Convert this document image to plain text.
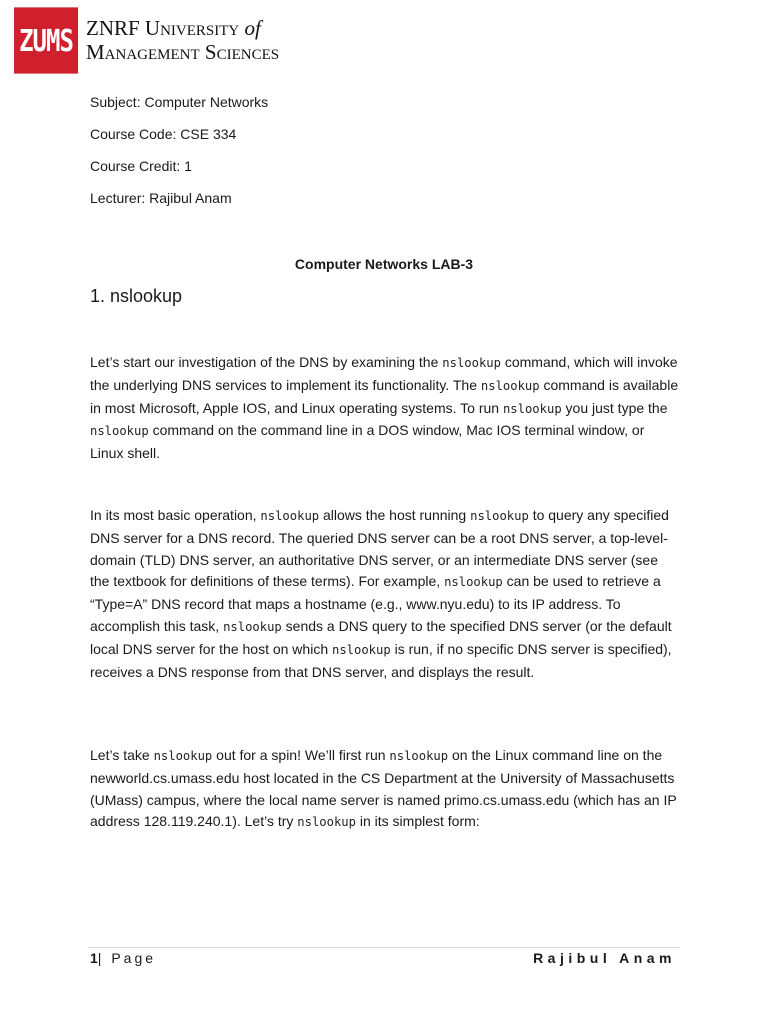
ZUMS ZNRF University of
Management Sciences
Subject: Computer Networks
Course Code: CSE 334
Course Credit: 1
Lecturer: Rajibul Anam
Computer Networks LAB-3
1. nslookup
Let’s start our investigation of the DNS by examining the nslookup command, which will invoke the underlying DNS services to implement its functionality. The nslookup command is available in most Microsoft, Apple IOS, and Linux operating systems. To run nslookup you just type the nslookup command on the command line in a DOS window, Mac IOS terminal window, or Linux shell.
In its most basic operation, nslookup allows the host running nslookup to query any specified DNS server for a DNS record. The queried DNS server can be a root DNS server, a top-level-domain (TLD) DNS server, an authoritative DNS server, or an intermediate DNS server (see the textbook for definitions of these terms). For example, nslookup can be used to retrieve a “Type=A” DNS record that maps a hostname (e.g., www.nyu.edu) to its IP address. To accomplish this task, nslookup sends a DNS query to the specified DNS server (or the default local DNS server for the host on which nslookup is run, if no specific DNS server is specified), receives a DNS response from that DNS server, and displays the result.
Let’s take nslookup out for a spin! We’ll first run nslookup on the Linux command line on the newworld.cs.umass.edu host located in the CS Department at the University of Massachusetts (UMass) campus, where the local name server is named primo.cs.umass.edu (which has an IP address 128.119.240.1). Let’s try nslookup in its simplest form:
1| Page	Rajibul Anam
